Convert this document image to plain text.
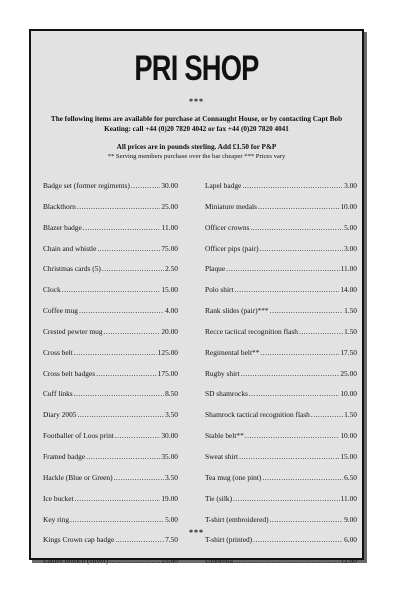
PRI SHOP
***
The following items are available for purchase at Connaught House, or by contacting Capt Bob Keating: call +44 (0)20 7820 4042 or fax +44 (0)20 7820 4041
All prices are in pounds sterling. Add £1.50 for P&P
** Serving members purchase over the bar cheaper *** Prices vary
Badge set (former regiments) .....	30.00
Blackthorn .....	25.00
Blazer badge .....	11.00
Chain and whistle .....	75.00
Christmas cards (5) .....	2.50
Clock .....	15.00
Coffee mug .....	4.00
Crested pewter mug .....	20.00
Cross belt .....	125.00
Cross belt badges .....	175.00
Cuff links .....	8.50
Diary 2005 .....	3.50
Footballer of Loos print .....	30.00
Framed badge .....	35.00
Hackle (Blue or Green) .....	3.50
Ice bucket .....	19.00
Key ring .....	5.00
Kings Crown cap badge .....	7.50
Ladies brooch (silver) .....	25.00
Lapel badge .....	3.00
Miniature medals .....	10.00
Officer crowns .....	5.00
Officer pips (pair) .....	3.00
Plaque .....	11.00
Polo shirt .....	14.00
Rank slides (pair)*** .....	1.50
Recce tactical recognition flash .....	1.50
Regimental belt** .....	17.50
Rugby shirt .....	25.00
SD shamrocks .....	10.00
Shamrock tactical recognition flash .....	1.50
Stable belt** .....	10.00
Sweat shirt .....	15.00
Tea mug (one pint) .....	6.50
Tie (silk) .....	11.00
T-shirt (embroidered) .....	9.00
T-shirt (printed) .....	6.00
Umbrella .....	12.00
***
